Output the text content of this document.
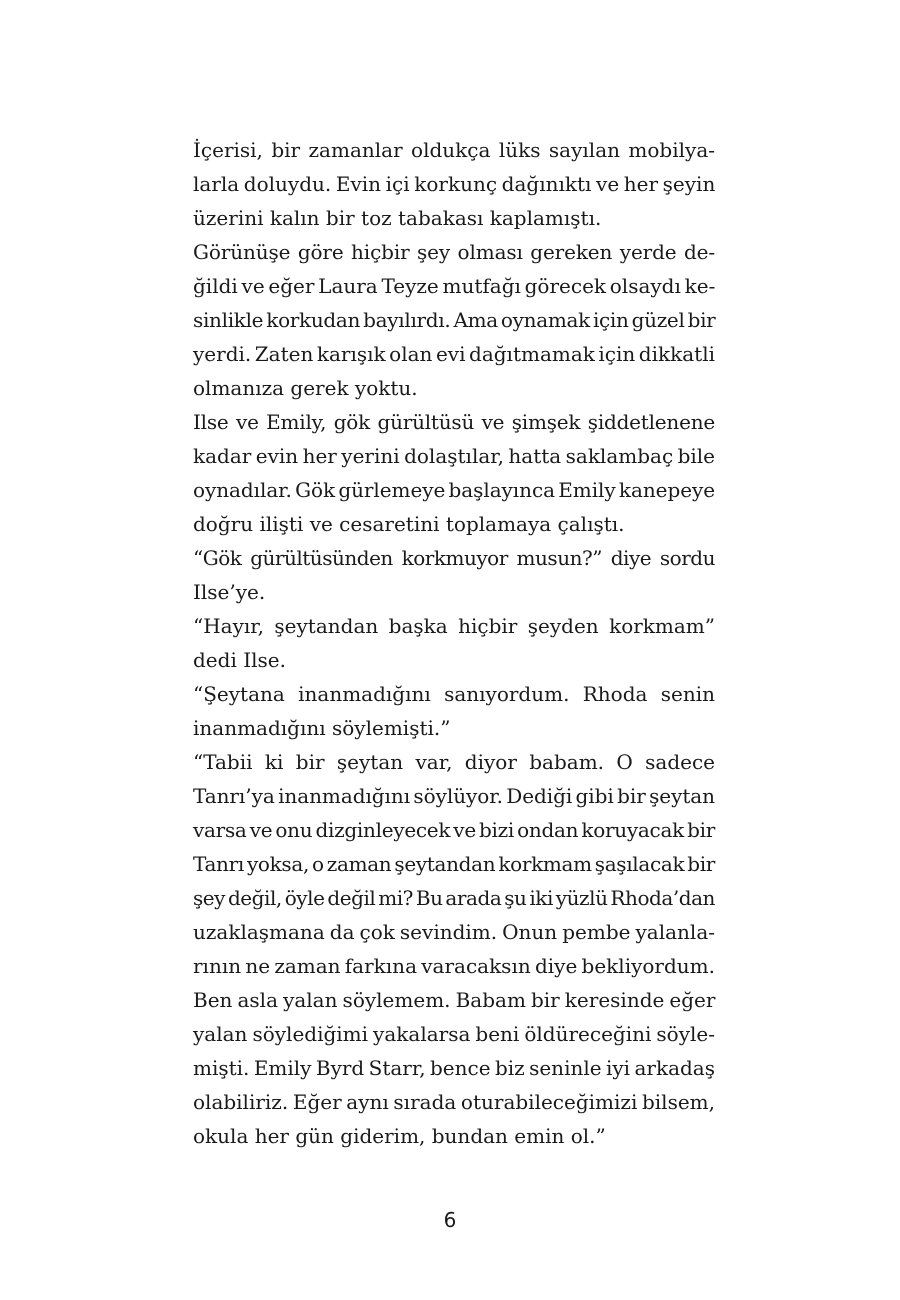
İçerisi, bir zamanlar oldukça lüks sayılan mobilya-
larla doluydu. Evin içi korkunç dağınıktı ve her şeyin
üzerini kalın bir toz tabakası kaplamıştı.

Görünüşe göre hiçbir şey olması gereken yerde de-
ğildi ve eğer Laura Teyze mutfağı görecek olsaydı ke-
sinlikle korkudan bayılırdı. Ama oynamak için güzel bir
yerdi. Zaten karışık olan evi dağıtmamak için dikkatli
olmanıza gerek yoktu.

Ilse ve Emily, gök gürültüsü ve şimşek şiddetlenene
kadar evin her yerini dolaştılar, hatta saklambaç bile
oynadılar. Gök gürlemeye başlayınca Emily kanepeye
doğru ilişti ve cesaretini toplamaya çalıştı.

“Gök gürültüsünden korkmuyor musun?” diye sordu
Ilse’ye.

“Hayır, şeytandan başka hiçbir şeyden korkmam”
dedi Ilse.

“Şeytana inanmadığını sanıyordum. Rhoda senin
inanmadığını söylemişti.”

“Tabii ki bir şeytan var, diyor babam. O sadece
Tanrı’ya inanmadığını söylüyor. Dediği gibi bir şeytan
varsa ve onu dizginleyecek ve bizi ondan koruyacak bir
Tanrı yoksa, o zaman şeytandan korkmam şaşılacak bir
şey değil, öyle değil mi? Bu arada şu iki yüzlü Rhoda’dan
uzaklaşmana da çok sevindim. Onun pembe yalanla-
rının ne zaman farkına varacaksın diye bekliyordum.
Ben asla yalan söylemem. Babam bir keresinde eğer
yalan söylediğimi yakalarsa beni öldüreceğini söyle-
mişti. Emily Byrd Starr, bence biz seninle iyi arkadaş
olabiliriz. Eğer aynı sırada oturabileceğimizi bilsem,
okula her gün giderim, bundan emin ol.”

6
